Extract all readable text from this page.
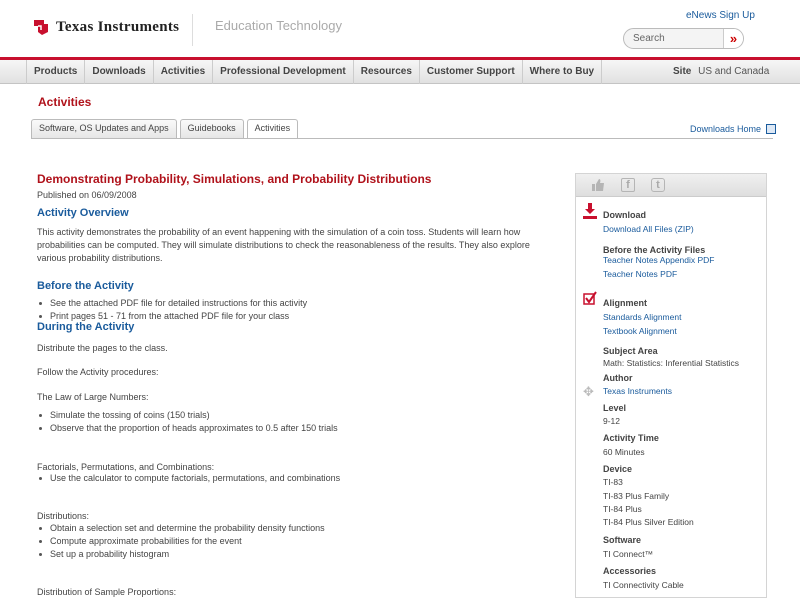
Texas Instruments	Education Technology
eNews Sign Up
Search	»
Products	Downloads	Activities	Professional Development	Resources	Customer Support	Where to Buy	Site US and Canada
Activities
Software, OS Updates and Apps	Guidebooks	Activities	Downloads Home
Demonstrating Probability, Simulations, and Probability Distributions
Published on 06/09/2008
Activity Overview

This activity demonstrates the probability of an event happening with the simulation of a coin toss. Students will learn how probabilities can be computed. They will simulate distributions to check the reasonableness of the results. They also explore various probability distributions.

Before the Activity
See the attached PDF file for detailed instructions for this activity
Print pages 51 - 71 from the attached PDF file for your class
During the Activity

Distribute the pages to the class.

Follow the Activity procedures:

The Law of Large Numbers:

Simulate the tossing of coins (150 trials)
Observe that the proportion of heads approximates to 0.5 after 150 trials

Factorials, Permutations, and Combinations:

Use the calculator to compute factorials, permutations, and combinations

Distributions:

Obtain a selection set and determine the probability density functions
Compute approximate probabilities for the event
Set up a probability histogram

Distribution of Sample Proportions:

f	t
Download
Download All Files (ZIP)
Before the Activity Files
Teacher Notes Appendix PDF
Teacher Notes PDF
Alignment
Standards Alignment
Textbook Alignment
Subject Area
Math: Statistics: Inferential Statistics
Author
✥ Texas Instruments
Level
9-12
Activity Time
60 Minutes
Device
TI-83
TI-83 Plus Family
TI-84 Plus
TI-84 Plus Silver Edition
Software
TI Connect™
Accessories
TI Connectivity Cable
